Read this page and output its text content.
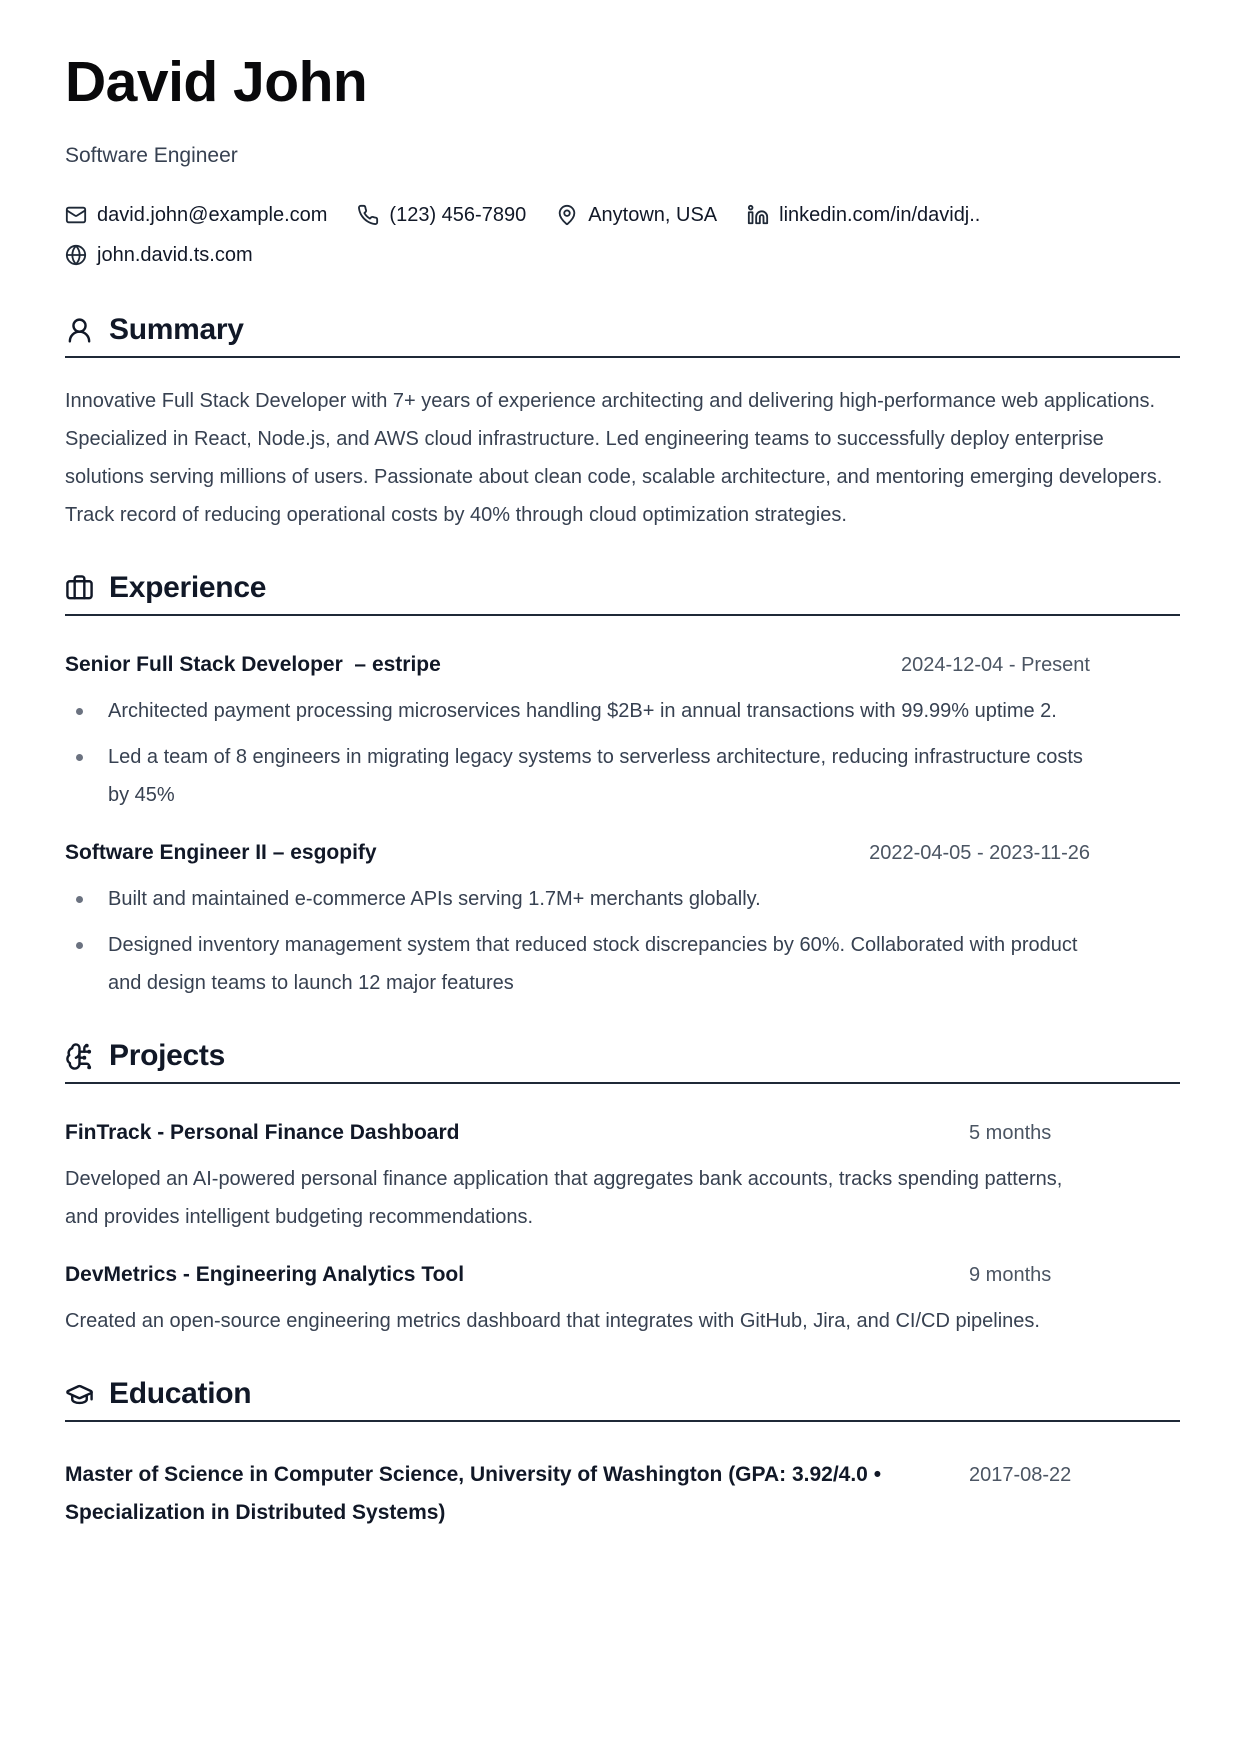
David John

Software Engineer

david.john@example.com	(123) 456-7890	Anytown, USA	linkedin.com/in/davidj..
john.david.ts.com
Summary

Innovative Full Stack Developer with 7+ years of experience architecting and delivering high-performance web applications. Specialized in React, Node.js, and AWS cloud infrastructure. Led engineering teams to successfully deploy enterprise solutions serving millions of users. Passionate about clean code, scalable architecture, and mentoring emerging developers. Track record of reducing operational costs by 40% through cloud optimization strategies.

Experience
Senior Full Stack Developer  – estripe	2024-12-04 - Present
Architected payment processing microservices handling $2B+ in annual transactions with 99.99% uptime 2.
Led a team of 8 engineers in migrating legacy systems to serverless architecture, reducing infrastructure costs by 45%
Software Engineer II – esgopify	2022-04-05 - 2023-11-26
Built and maintained e-commerce APIs serving 1.7M+ merchants globally.
Designed inventory management system that reduced stock discrepancies by 60%. Collaborated with product and design teams to launch 12 major features
Projects
FinTrack - Personal Finance Dashboard	5 months

Developed an AI-powered personal finance application that aggregates bank accounts, tracks spending patterns, and provides intelligent budgeting recommendations.

DevMetrics - Engineering Analytics Tool	9 months

Created an open-source engineering metrics dashboard that integrates with GitHub, Jira, and CI/CD pipelines.

Education
Master of Science in Computer Science, University of Washington (GPA: 3.92/4.0 • Specialization in Distributed Systems)
2017-08-22
